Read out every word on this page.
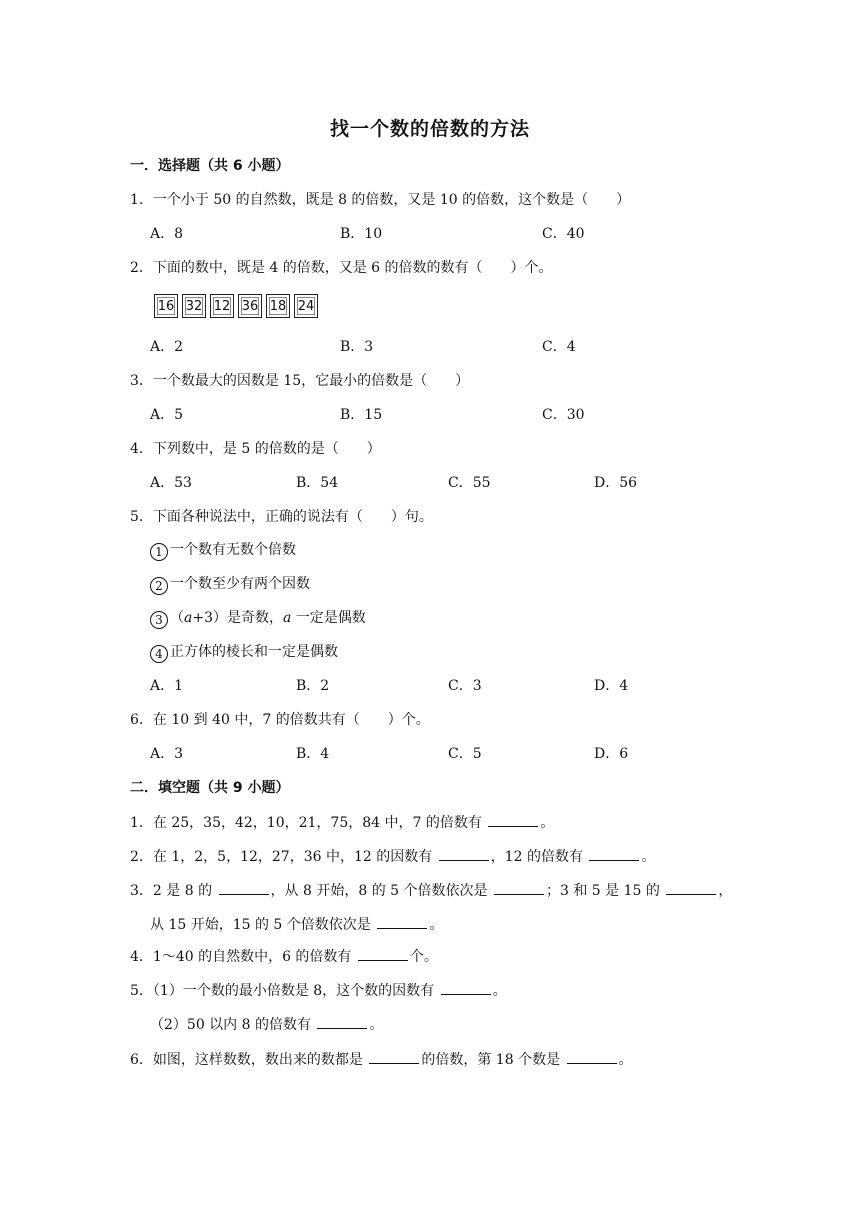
找一个数的倍数的方法
一．选择题（共 6 小题）
1．一个小于 50 的自然数，既是 8 的倍数，又是 10 的倍数，这个数是（　　）
A．8	B．10	C．40
2．下面的数中，既是 4 的倍数，又是 6 的倍数的数有（　　）个。
16 32 12 36 18 24
A．2	B．3	C．4
3．一个数最大的因数是 15，它最小的倍数是（　　）
A．5	B．15	C．30
4．下列数中，是 5 的倍数的是（　　）
A．53	B．54	C．55	D．56
5．下面各种说法中，正确的说法有（　　）句。
1 一个数有无数个倍数
2 一个数至少有两个因数
3 （a+3）是奇数，a 一定是偶数
4 正方体的棱长和一定是偶数
A．1	B．2	C．3	D．4
6．在 10 到 40 中，7 的倍数共有（　　）个。
A．3	B．4	C．5	D．6
二．填空题（共 9 小题）
1．在 25，35，42，10，21，75，84 中，7 的倍数有	。
2．在 1，2，5，12，27，36 中，12 的因数有	，12 的倍数有	。
3．2 是 8 的	，从 8 开始，8 的 5 个倍数依次是	；3 和 5 是 15 的	，
从 15 开始，15 的 5 个倍数依次是	。
4．1～40 的自然数中，6 的倍数有	个。
5．（1）一个数的最小倍数是 8，这个数的因数有	。
（2）50 以内 8 的倍数有	。
6．如图，这样数数，数出来的数都是	的倍数，第 18 个数是	。
